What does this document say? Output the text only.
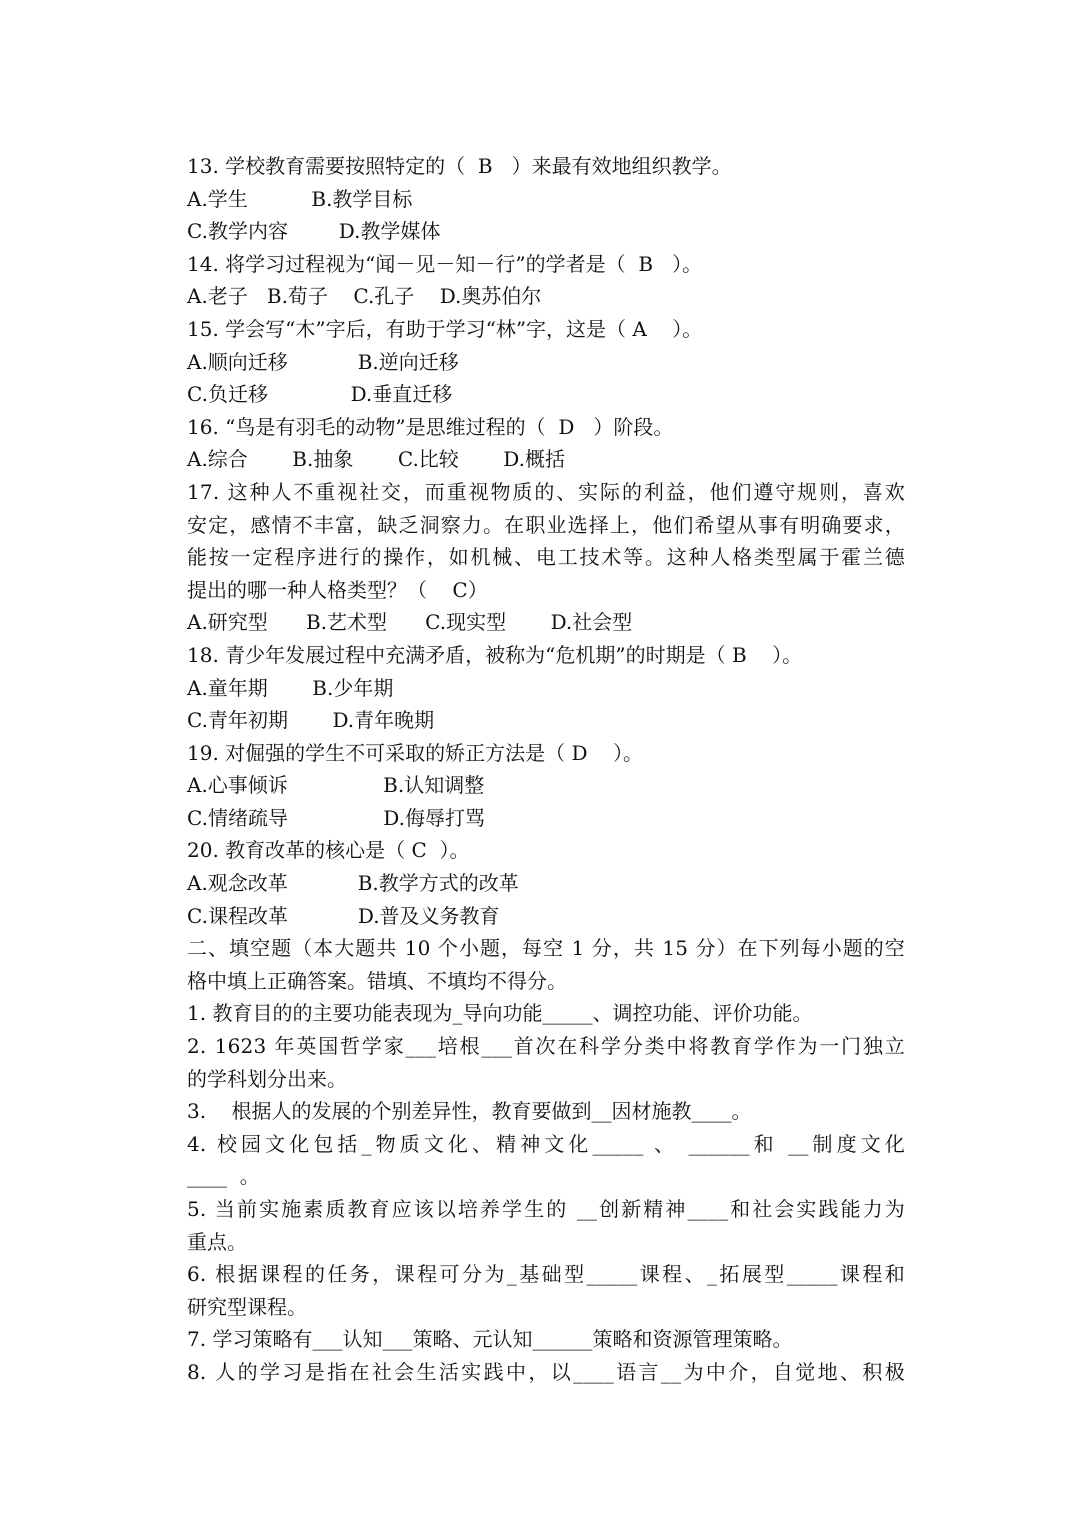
13. 学校教育需要按照特定的（  B   ）来最有效地组织教学。
A.学生          B.教学目标
C.教学内容        D.教学媒体
14. 将学习过程视为“闻－见－知－行”的学者是（  B   ）。
A.老子   B.荀子    C.孔子    D.奥苏伯尔
15. 学会写“木”字后，有助于学习“林”字，这是（ A    ）。
A.顺向迁移           B.逆向迁移
C.负迁移             D.垂直迁移
16. “鸟是有羽毛的动物”是思维过程的（  D   ）阶段。
A.综合       B.抽象       C.比较       D.概括
17. 这种人不重视社交，而重视物质的、实际的利益，他们遵守规则，喜欢
安定，感情不丰富，缺乏洞察力。在职业选择上，他们希望从事有明确要求，
能按一定程序进行的操作，如机械、电工技术等。这种人格类型属于霍兰德
提出的哪一种人格类型？（    C）
A.研究型      B.艺术型      C.现实型       D.社会型
18. 青少年发展过程中充满矛盾，被称为“危机期”的时期是（ B    ）。
A.童年期       B.少年期
C.青年初期       D.青年晚期
19. 对倔强的学生不可采取的矫正方法是（ D    ）。
A.心事倾诉               B.认知调整
C.情绪疏导               D.侮辱打骂
20. 教育改革的核心是（ C  ）。
A.观念改革           B.教学方式的改革
C.课程改革           D.普及义务教育
二、填空题（本大题共 10 个小题，每空 1 分，共 15 分）在下列每小题的空
格中填上正确答案。错填、不填均不得分。
1. 教育目的的主要功能表现为_导向功能_____、调控功能、评价功能。
2. 1623 年英国哲学家___培根___首次在科学分类中将教育学作为一门独立
的学科划分出来。
3.    根据人的发展的个别差异性，教育要做到__因材施教____。
4. 校园文化包括_物质文化、精神文化_____ 、 ______和 __制度文化
____  。
5. 当前实施素质教育应该以培养学生的 __创新精神____和社会实践能力为
重点。
6. 根据课程的任务，课程可分为_基础型_____课程、_拓展型_____课程和
研究型课程。
7. 学习策略有___认知___策略、元认知______策略和资源管理策略。
8. 人的学习是指在社会生活实践中，以____语言__为中介，自觉地、积极
